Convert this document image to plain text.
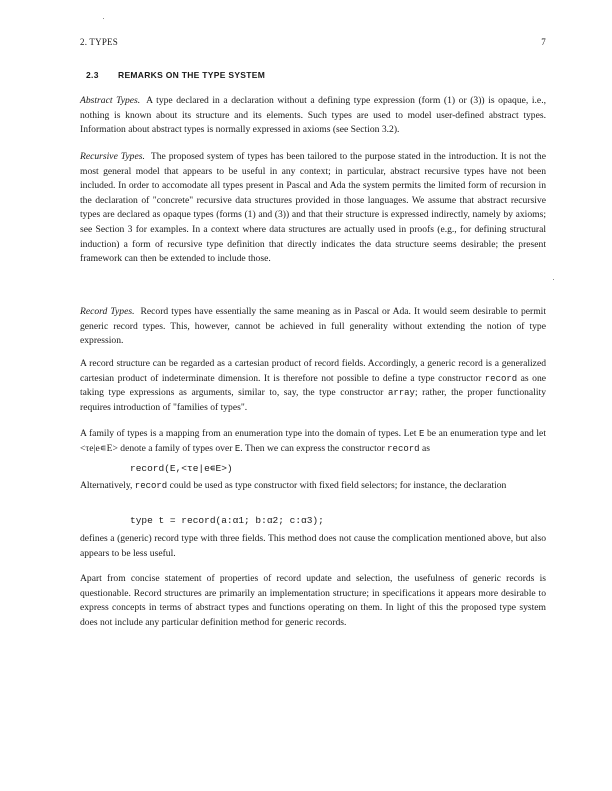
2. TYPES	7
2.3 REMARKS ON THE TYPE SYSTEM

Abstract Types. A type declared in a declaration without a defining type expression (form (1) or (3)) is opaque, i.e., nothing is known about its structure and its elements. Such types are used to model user-defined abstract types. Information about abstract types is normally expressed in axioms (see Section 3.2).

Recursive Types. The proposed system of types has been tailored to the purpose stated in the introduction. It is not the most general model that appears to be useful in any context; in particular, abstract recursive types have not been included. In order to accomodate all types present in Pascal and Ada the system permits the limited form of recursion in the declaration of "concrete" recursive data structures provided in those languages. We assume that abstract recursive types are declared as opaque types (forms (1) and (3)) and that their structure is expressed indirectly, namely by axioms; see Section 3 for examples. In a context where data structures are actually used in proofs (e.g., for defining structural induction) a form of recursive type definition that directly indicates the data structure seems desirable; the present framework can then be extended to include those.

Record Types. Record types have essentially the same meaning as in Pascal or Ada. It would seem desirable to permit generic record types. This, however, cannot be achieved in full generality without extending the notion of type expression.

A record structure can be regarded as a cartesian product of record fields. Accordingly, a generic record is a generalized cartesian product of indeterminate dimension. It is therefore not possible to define a type constructor record as one taking type expressions as arguments, similar to, say, the type constructor array; rather, the proper functionality requires introduction of "families of types".

A family of types is a mapping from an enumeration type into the domain of types. Let E be an enumeration type and let <τe|e∊E> denote a family of types over E. Then we can express the constructor record as

record(E,<τe|e∊E>)

Alternatively, record could be used as type constructor with fixed field selectors; for instance, the declaration

type t = record(a:α1; b:α2; c:α3);

defines a (generic) record type with three fields. This method does not cause the complication mentioned above, but also appears to be less useful.

Apart from concise statement of properties of record update and selection, the usefulness of generic records is questionable. Record structures are primarily an implementation structure; in specifications it appears more desirable to express concepts in terms of abstract types and functions operating on them. In light of this the proposed type system does not include any particular definition method for generic records.
